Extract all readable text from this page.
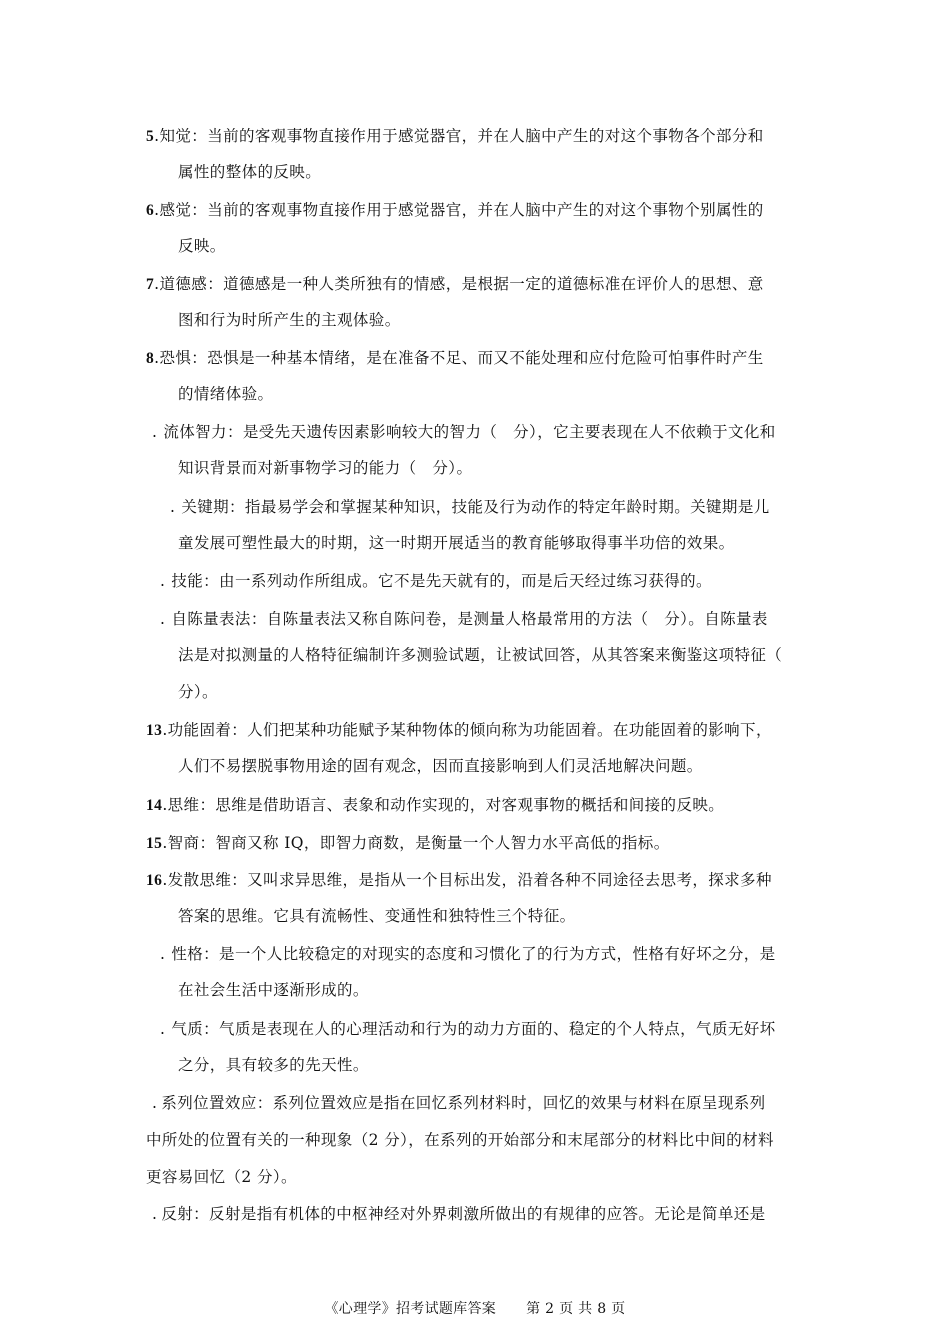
5.知觉：当前的客观事物直接作用于感觉器官，并在人脑中产生的对这个事物各个部分和
属性的整体的反映。
6.感觉：当前的客观事物直接作用于感觉器官，并在人脑中产生的对这个事物个别属性的
反映。
7.道德感：道德感是一种人类所独有的情感，是根据一定的道德标准在评价人的思想、意
图和行为时所产生的主观体验。
8.恐惧：恐惧是一种基本情绪，是在准备不足、而又不能处理和应付危险可怕事件时产生
的情绪体验。
. 流体智力：是受先天遗传因素影响较大的智力（　分），它主要表现在人不依赖于文化和
知识背景而对新事物学习的能力（　分）。
. 关键期：指最易学会和掌握某种知识，技能及行为动作的特定年龄时期。关键期是儿
童发展可塑性最大的时期，这一时期开展适当的教育能够取得事半功倍的效果。
. 技能：由一系列动作所组成。它不是先天就有的，而是后天经过练习获得的。
. 自陈量表法：自陈量表法又称自陈问卷，是测量人格最常用的方法（　分）。自陈量表
法是对拟测量的人格特征编制许多测验试题，让被试回答，从其答案来衡鉴这项特征（
分）。
13.功能固着：人们把某种功能赋予某种物体的倾向称为功能固着。在功能固着的影响下，
人们不易摆脱事物用途的固有观念，因而直接影响到人们灵活地解决问题。
14.思维：思维是借助语言、表象和动作实现的，对客观事物的概括和间接的反映。
15.智商：智商又称 IQ，即智力商数，是衡量一个人智力水平高低的指标。
16.发散思维：又叫求异思维，是指从一个目标出发，沿着各种不同途径去思考，探求多种
答案的思维。它具有流畅性、变通性和独特性三个特征。
. 性格：是一个人比较稳定的对现实的态度和习惯化了的行为方式，性格有好坏之分，是
在社会生活中逐渐形成的。
. 气质：气质是表现在人的心理活动和行为的动力方面的、稳定的个人特点，气质无好坏
之分，具有较多的先天性。
. 系列位置效应：系列位置效应是指在回忆系列材料时，回忆的效果与材料在原呈现系列
中所处的位置有关的一种现象（2 分），在系列的开始部分和末尾部分的材料比中间的材料
更容易回忆（2 分）。
. 反射：反射是指有机体的中枢神经对外界刺激所做出的有规律的应答。无论是简单还是
《心理学》招考试题库答案 第 2 页 共 8 页
